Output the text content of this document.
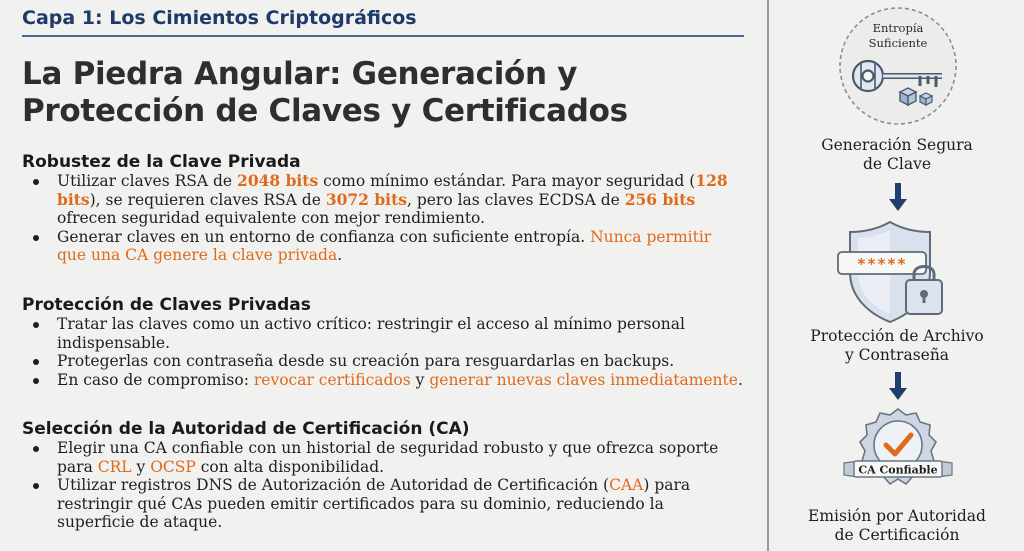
Capa 1: Los Cimientos Criptográficos
La Piedra Angular: Generación y
Protección de Claves y Certificados
Robustez de la Clave Privada
Utilizar claves RSA de 2048 bits como mínimo estándar. Para mayor seguridad (128 bits), se requieren claves RSA de 3072 bits, pero las claves ECDSA de 256 bits ofrecen seguridad equivalente con mejor rendimiento.
Generar claves en un entorno de confianza con suficiente entropía. Nunca permitir que una CA genere la clave privada.
Protección de Claves Privadas
Tratar las claves como un activo crítico: restringir el acceso al mínimo personal indispensable.
Protegerlas con contraseña desde su creación para resguardarlas en backups.
En caso de compromiso: revocar certificados y generar nuevas claves inmediatamente.
Selección de la Autoridad de Certificación (CA)
Elegir una CA confiable con un historial de seguridad robusto y que ofrezca soporte para CRL y OCSP con alta disponibilidad.
Utilizar registros DNS de Autorización de Autoridad de Certificación (CAA) para restringir qué CAs pueden emitir certificados para su dominio, reduciendo la superficie de ataque.
Entropía
Suficiente
Generación Segura
de Clave
*****
Protección de Archivo
y Contraseña
CA Confiable
Emisión por Autoridad
de Certificación
